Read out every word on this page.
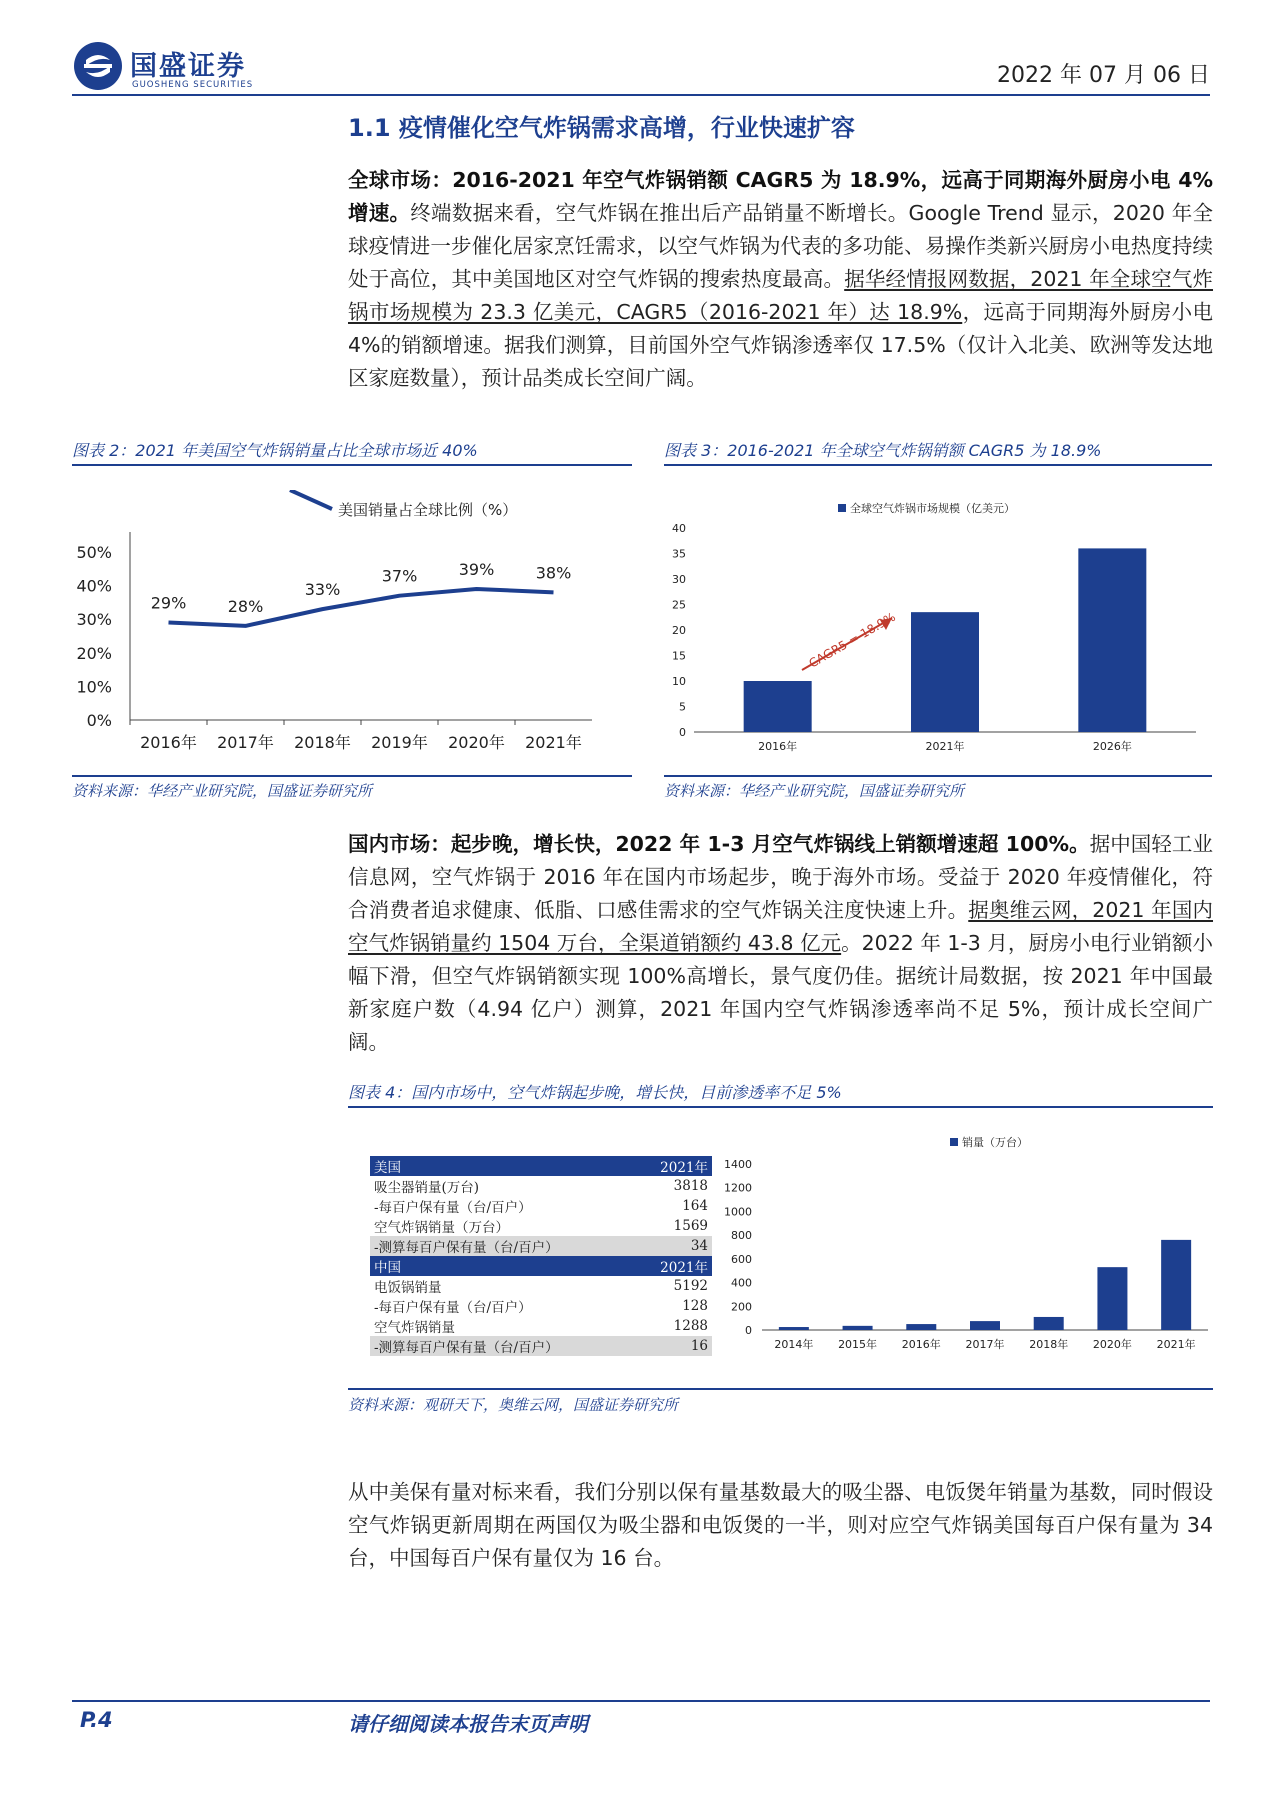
国盛证券
GUOSHENG SECURITIES	2022 年 07 月 06 日
1.1 疫情催化空气炸锅需求高增，行业快速扩容
全球市场：2016-2021 年空气炸锅销额 CAGR5 为 18.9%，远高于同期海外厨房小电 4%增速。终端数据来看，空气炸锅在推出后产品销量不断增长。Google Trend 显示，2020 年全球疫情进一步催化居家烹饪需求，以空气炸锅为代表的多功能、易操作类新兴厨房小电热度持续处于高位，其中美国地区对空气炸锅的搜索热度最高。据华经情报网数据，2021 年全球空气炸锅市场规模为 23.3 亿美元，CAGR5（2016-2021 年）达 18.9%，远高于同期海外厨房小电 4%的销额增速。据我们测算，目前国外空气炸锅渗透率仅 17.5%（仅计入北美、欧洲等发达地区家庭数量），预计品类成长空间广阔。
图表 2：2021 年美国空气炸锅销量占比全球市场近 40%	图表 3：2016-2021 年全球空气炸锅销额 CAGR5 为 18.9%
美国销量占全球比例（%）
0%
10%
20%
30%
40%
50%
2016年 2017年 2018年 2019年 2020年 2021年
29%	28%
33%
37%	39%	38%
全球空气炸锅市场规模（亿美元）
0
5
10
15
20
25
30
35
40
2016年	2021年	2026年
CAGR5 = 18.9%
资料来源：华经产业研究院，国盛证券研究所	资料来源：华经产业研究院，国盛证券研究所
国内市场：起步晚，增长快，2022 年 1-3 月空气炸锅线上销额增速超 100%。据中国轻工业信息网，空气炸锅于 2016 年在国内市场起步，晚于海外市场。受益于 2020 年疫情催化，符合消费者追求健康、低脂、口感佳需求的空气炸锅关注度快速上升。据奥维云网，2021 年国内空气炸锅销量约 1504 万台，全渠道销额约 43.8 亿元。2022 年 1-3 月，厨房小电行业销额小幅下滑，但空气炸锅销额实现 100%高增长，景气度仍佳。据统计局数据，按 2021 年中国最新家庭户数（4.94 亿户）测算，2021 年国内空气炸锅渗透率尚不足 5%，预计成长空间广阔。
图表 4：国内市场中，空气炸锅起步晚，增长快，目前渗透率不足 5%
美国	2021年
吸尘器销量(万台)	3818
-每百户保有量（台/百户）	164
空气炸锅销量（万台）	1569
-测算每百户保有量（台/百户）	34
中国	2021年
电饭锅销量	5192
-每百户保有量（台/百户）	128
空气炸锅销量	1288
-测算每百户保有量（台/百户）	16
销量（万台）
0
200
400
600
800
1000
1200
1400
2014年 2015年 2016年 2017年 2018年 2020年 2021年
资料来源：观研天下，奥维云网，国盛证券研究所
从中美保有量对标来看，我们分别以保有量基数最大的吸尘器、电饭煲年销量为基数，同时假设空气炸锅更新周期在两国仅为吸尘器和电饭煲的一半，则对应空气炸锅美国每百户保有量为 34 台，中国每百户保有量仅为 16 台。
P.4	请仔细阅读本报告末页声明
